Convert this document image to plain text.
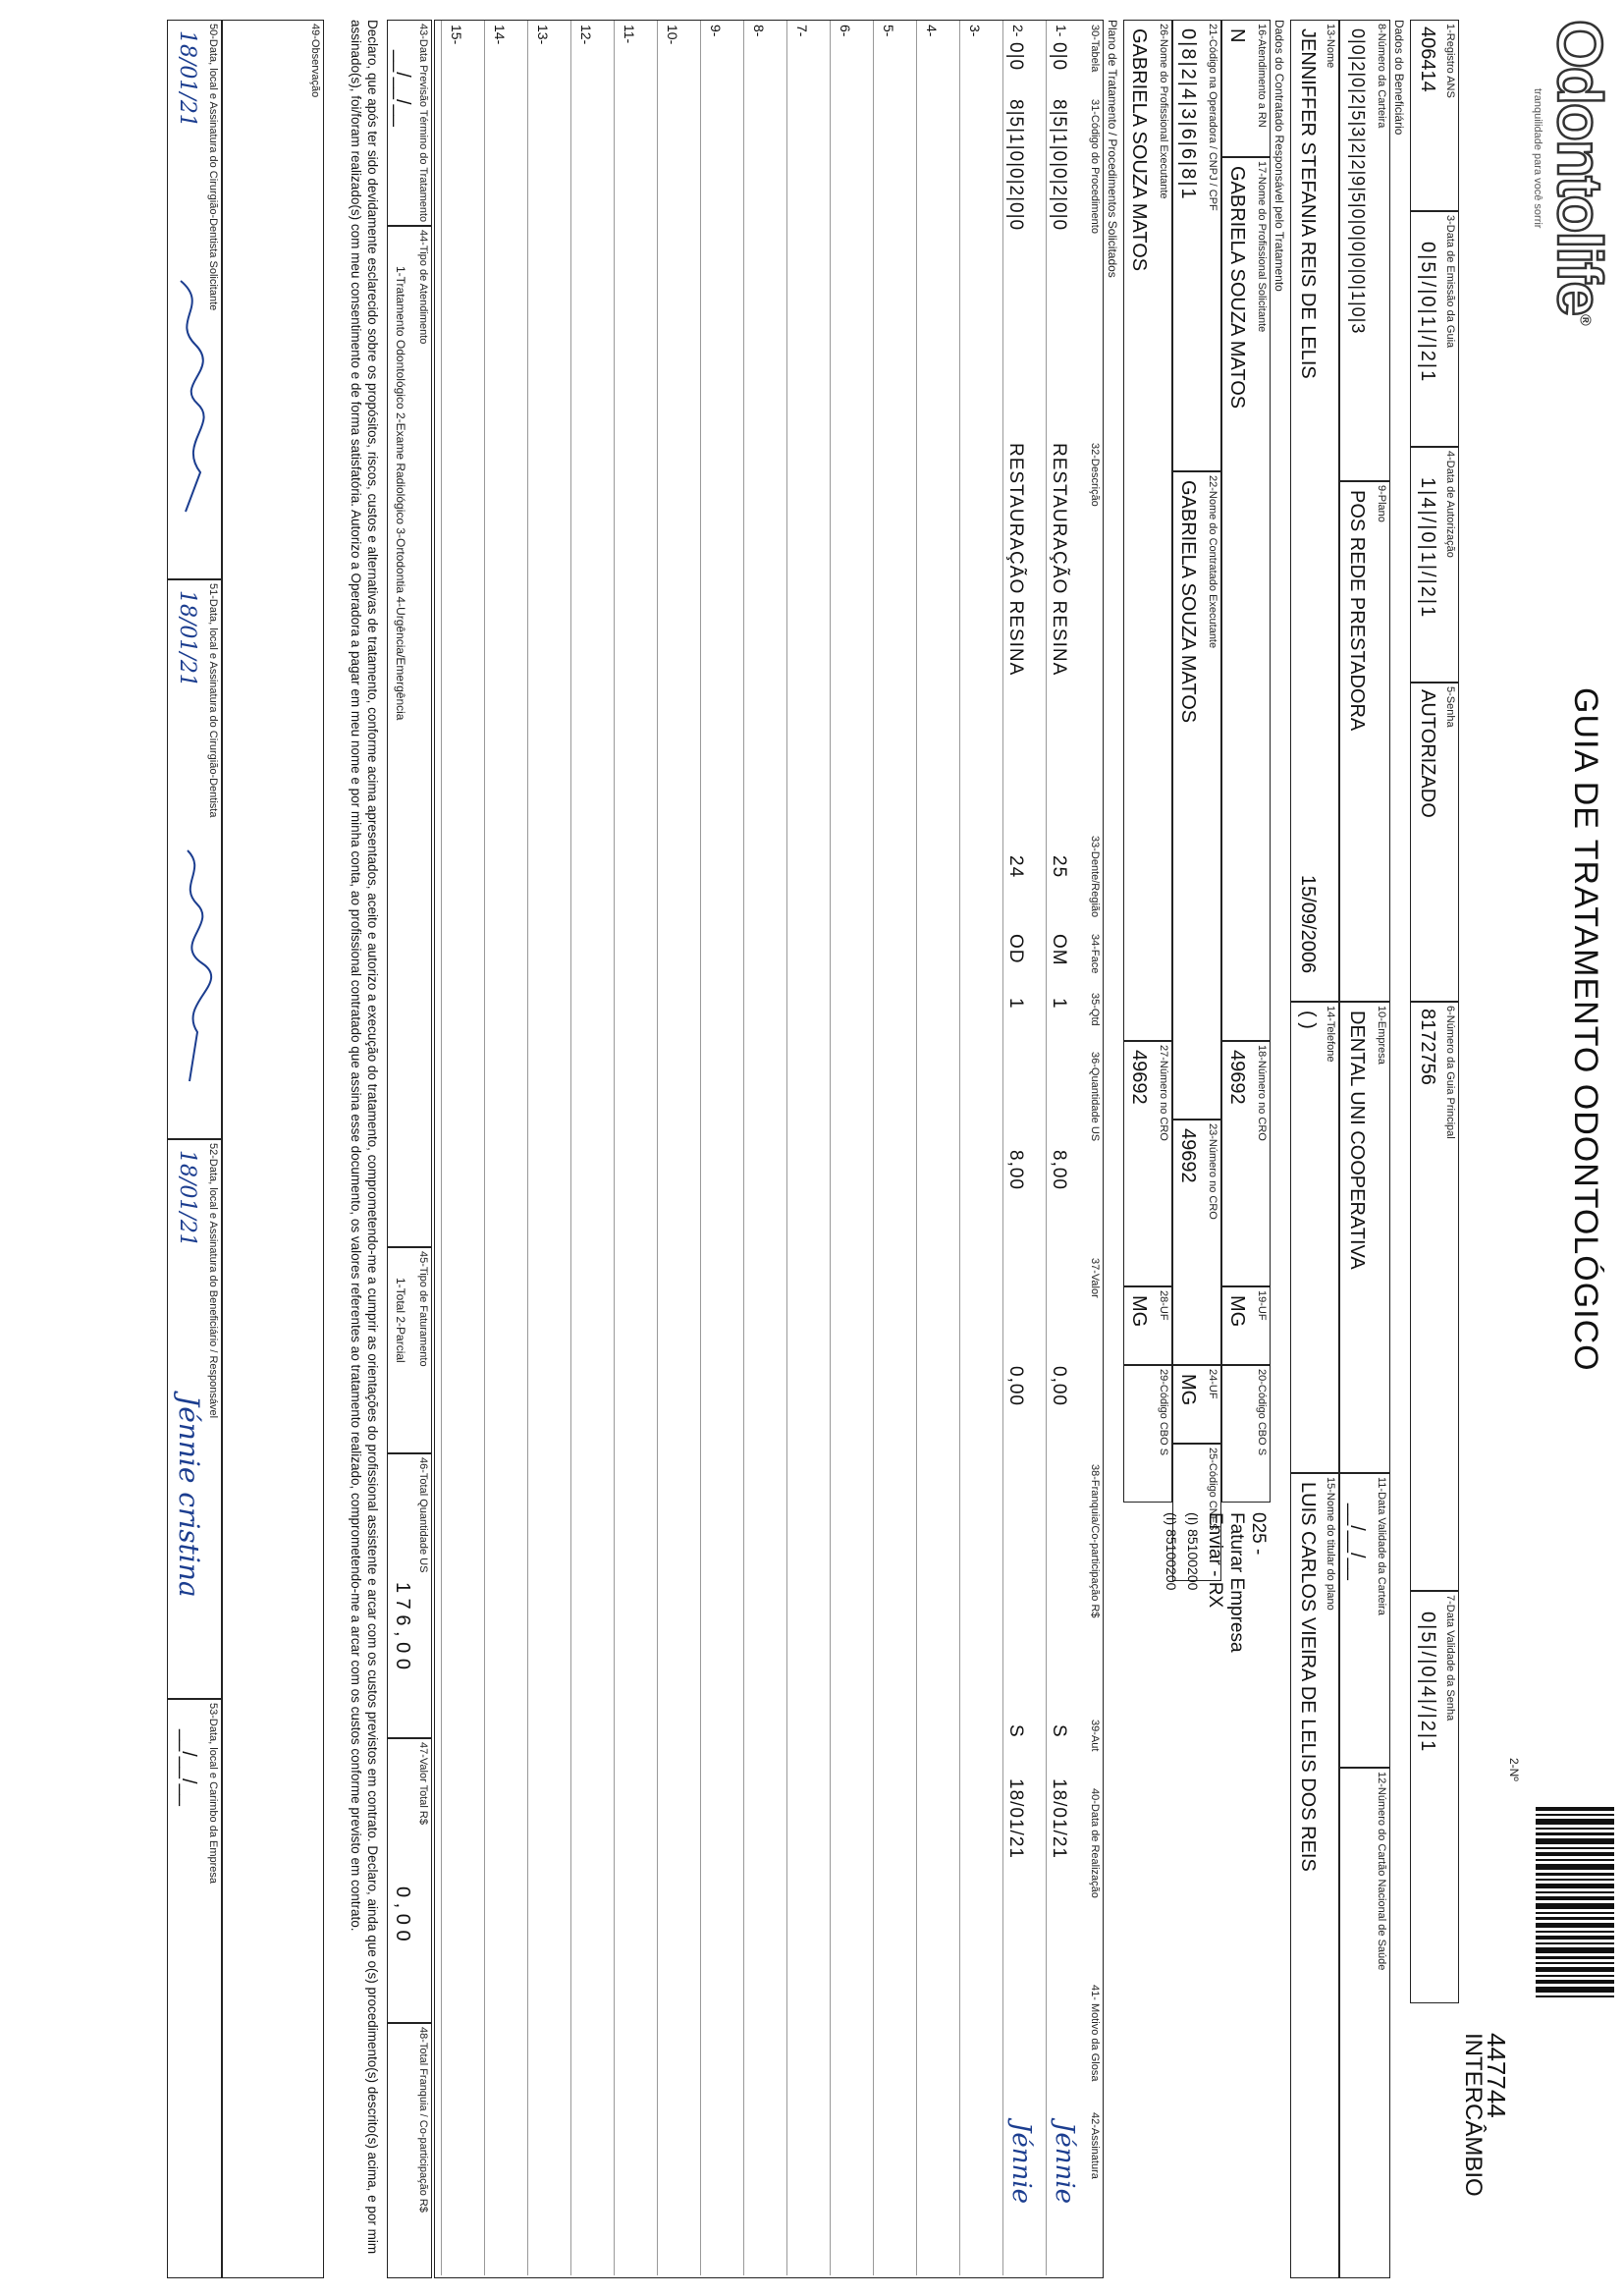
Odontolife®
tranquilidade para você sorrir
GUIA DE TRATAMENTO ODONTOLÓGICO
2-Nº
447744
INTERCÂMBIO
1-Registro ANS
406414
3-Data de Emissão da Guia
0|5|/|0|1|/|2|1
4-Data de Autorização
1|4|/|0|1|/|2|1
5-Senha
AUTORIZADO
6-Número da Guia Principal
8172756
7-Data Validade da Senha
0|5|/|0|4|/|2|1
Dados do Beneficiário
8-Número da Carteira
0|0|2|0|2|5|3|2|2|9|5|0|0|0|0|0|1|0|3
9-Plano
POS REDE PRESTADORA
10-Empresa
DENTAL UNI COOPERATIVA
11-Data Validade da Carteira
__/__/__
12-Número do Cartão Nacional de Saúde
13-Nome
JENNIFFER STEFANIA REIS DE LELIS
15/09/2006
14-Telefone
( )
15-Nome do titular do plano
LUIS CARLOS VIEIRA DE LELIS DOS REIS
Dados do Contratado Responsável pelo Tratamento
16-Atendimento a RN
N
17-Nome do Profissional Solicitante
GABRIELA SOUZA MATOS
18-Número no CRO
49692
19-UF
MG
20-Código CBO S
21-Código na Operadora / CNPJ / CPF
0|8|2|4|3|6|6|8|1
22-Nome do Contratado Executante
GABRIELA SOUZA MATOS
23-Número no CRO
49692
24-UF
MG
25-Código CNES
26-Nome do Profissional Executante
GABRIELA SOUZA MATOS
27-Número no CRO
49692
28-UF
MG
29-Código CBO S
025 -
Faturar Empresa
Enviar - RX
(I) 85100200
(I) 85100200
Plano de Tratamento / Procedimentos Solicitados
30-Tabela
31-Código do Procedimento
32-Descrição
33-Dente/Região
34-Face
35-Qtd
36-Quantidade US
37-Valor
38-Franquia/Co-participação R$
39-Aut
40-Data de Realização
41- Motivo da Glosa
42-Assinatura
1-
0|0
8|5|1|0|0|2|0|0
RESTAURAÇÃO RESINA
25
OM
1
8,00
0,00
S
18/01/21
Jénnie
2-
0|0
8|5|1|0|0|2|0|0
RESTAURAÇÃO RESINA
24
OD
1
8,00
0,00
S
18/01/21
Jénnie
3-
4-
5-
6-
7-
8-
9-
10-
11-
12-
13-
14-
15-
43-Data Previsão Término do Tratamento
__/__/__
44-Tipo de Atendimento
1-Tratamento Odontológico 2-Exame Radiológico 3-Ortodontia 4-Urgência/Emergência
45-Tipo de Faturamento
1-Total 2-Parcial
46-Total Quantidade US
1 7 6 , 0 0
47-Valor Total R$
0 , 0 0
48-Total Franquia / Co-participação R$
Declaro, que após ter sido devidamente esclarecido sobre os propósitos, riscos, custos e alternativas de tratamento, conforme acima apresentados, aceito e autorizo a execução do tratamento, comprometendo-me a cumprir as orientações do profissional assistente e arcar com os custos previstos em contrato. Declaro, ainda que o(s) procedimento(s) descrito(s) acima, e por mim assinado(s), foi/foram realizado(s) com meu consentimento e de forma satisfatória. Autorizo a Operadora a pagar em meu nome e por minha conta, ao profissional contratado que assina esse documento, os valores referentes ao tratamento realizado, comprometendo-me a arcar com os custos conforme previsto em contrato.
49-Observação
50-Data, local e Assinatura do Cirurgião-Dentista Solicitante
18/01/21
51-Data, local e Assinatura do Cirurgião-Dentista
18/01/21
52-Data, local e Assinatura do Beneficiário / Responsável
18/01/21
Jénnie cristina
53-Data, local e Carimbo da Empresa
__/__/__
